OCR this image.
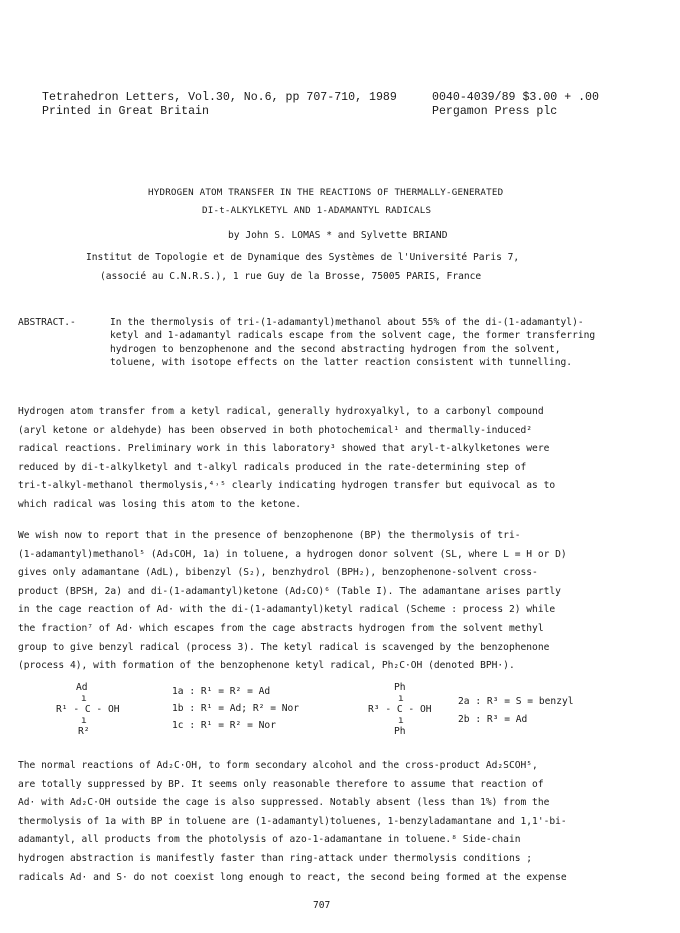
Tetrahedron Letters, Vol.30, No.6, pp 707-710, 1989	0040-4039/89 $3.00 + .00
Printed in Great Britain	Pergamon Press plc
HYDROGEN ATOM TRANSFER IN THE REACTIONS OF THERMALLY-GENERATED
DI-t-ALKYLKETYL AND 1-ADAMANTYL RADICALS
by John S. LOMAS * and Sylvette BRIAND
Institut de Topologie et de Dynamique des Systèmes de l'Université Paris 7,
(associé au C.N.R.S.), 1 rue Guy de la Brosse, 75005 PARIS, France
ABSTRACT.-	In the thermolysis of tri-(1-adamantyl)methanol about 55% of the di-(1-adamantyl)-
ketyl and 1-adamantyl radicals escape from the solvent cage, the former transferring
hydrogen to benzophenone and the second abstracting hydrogen from the solvent,
toluene, with isotope effects on the latter reaction consistent with tunnelling.
Hydrogen atom transfer from a ketyl radical, generally hydroxyalkyl, to a carbonyl compound
(aryl ketone or aldehyde) has been observed in both photochemical¹ and thermally-induced²
radical reactions. Preliminary work in this laboratory³ showed that aryl-t-alkylketones were
reduced by di-t-alkylketyl and t-alkyl radicals produced in the rate-determining step of
tri-t-alkyl-methanol thermolysis,⁴˒⁵ clearly indicating hydrogen transfer but equivocal as to
which radical was losing this atom to the ketone.
We wish now to report that in the presence of benzophenone (BP) the thermolysis of tri-
(1-adamantyl)methanol⁵ (Ad₃COH, 1a) in toluene, a hydrogen donor solvent (SL, where L = H or D)
gives only adamantane (AdL), bibenzyl (S₂), benzhydrol (BPH₂), benzophenone-solvent cross-
product (BPSH, 2a) and di-(1-adamantyl)ketone (Ad₂CO)⁶ (Table I). The adamantane arises partly
in the cage reaction of Ad· with the di-(1-adamantyl)ketyl radical (Scheme : process 2) while
the fraction⁷ of Ad· which escapes from the cage abstracts hydrogen from the solvent methyl
group to give benzyl radical (process 3). The ketyl radical is scavenged by the benzophenone
(process 4), with formation of the benzophenone ketyl radical, Ph₂C·OH (denoted BPH·).
Ad
ı
R¹ - C - OH
ı
R²
1a : R¹ = R² = Ad
1b : R¹ = Ad; R² = Nor
1c : R¹ = R² = Nor
Ph
ı
R³ - C - OH
ı
Ph
2a : R³ = S = benzyl
2b : R³ = Ad
The normal reactions of Ad₂C·OH, to form secondary alcohol and the cross-product Ad₂SCOH⁵,
are totally suppressed by BP. It seems only reasonable therefore to assume that reaction of
Ad· with Ad₂C·OH outside the cage is also suppressed. Notably absent (less than 1%) from the
thermolysis of 1a with BP in toluene are (1-adamantyl)toluenes, 1-benzyladamantane and 1,1'-bi-
adamantyl, all products from the photolysis of azo-1-adamantane in toluene.⁸ Side-chain
hydrogen abstraction is manifestly faster than ring-attack under thermolysis conditions ;
radicals Ad· and S· do not coexist long enough to react, the second being formed at the expense
707
